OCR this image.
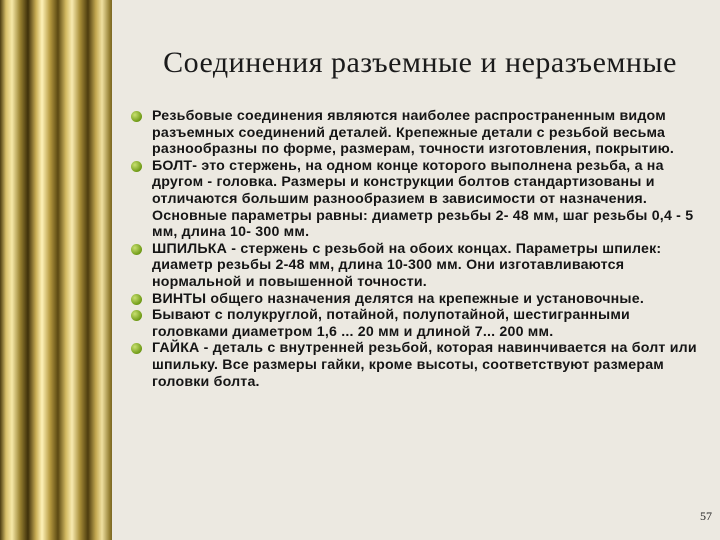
Соединения разъемные и неразъемные
Резьбовые соединения являются наиболее распространенным видом разъемных соединений деталей. Крепежные детали с резьбой весьма разнообразны по форме, размерам, точности изготовления, покрытию.
БОЛТ- это стержень, на одном конце которого выполнена резьба, а на другом - головка. Размеры и конструкции болтов стандартизованы и отличаются большим разнообразием в зависимости от назначения. Основные параметры равны: диаметр резьбы 2- 48 мм, шаг резьбы 0,4 - 5 мм, длина 10- 300 мм.
ШПИЛЬКА - стержень с резьбой на обоих концах. Параметры шпилек: диаметр резьбы 2-48 мм, длина 10-300 мм. Они изготавливаются нормальной и повышенной точности.
ВИНТЫ общего назначения делятся на крепежные и установочные.
Бывают с полукруглой, потайной, полупотайной, шестигранными головками диаметром 1,6 ... 20 мм и длиной 7... 200 мм.
ГАЙКА - деталь с внутренней резьбой, которая навинчивается на болт или шпильку. Все размеры гайки, кроме высоты, соответствуют размерам головки болта.
57
